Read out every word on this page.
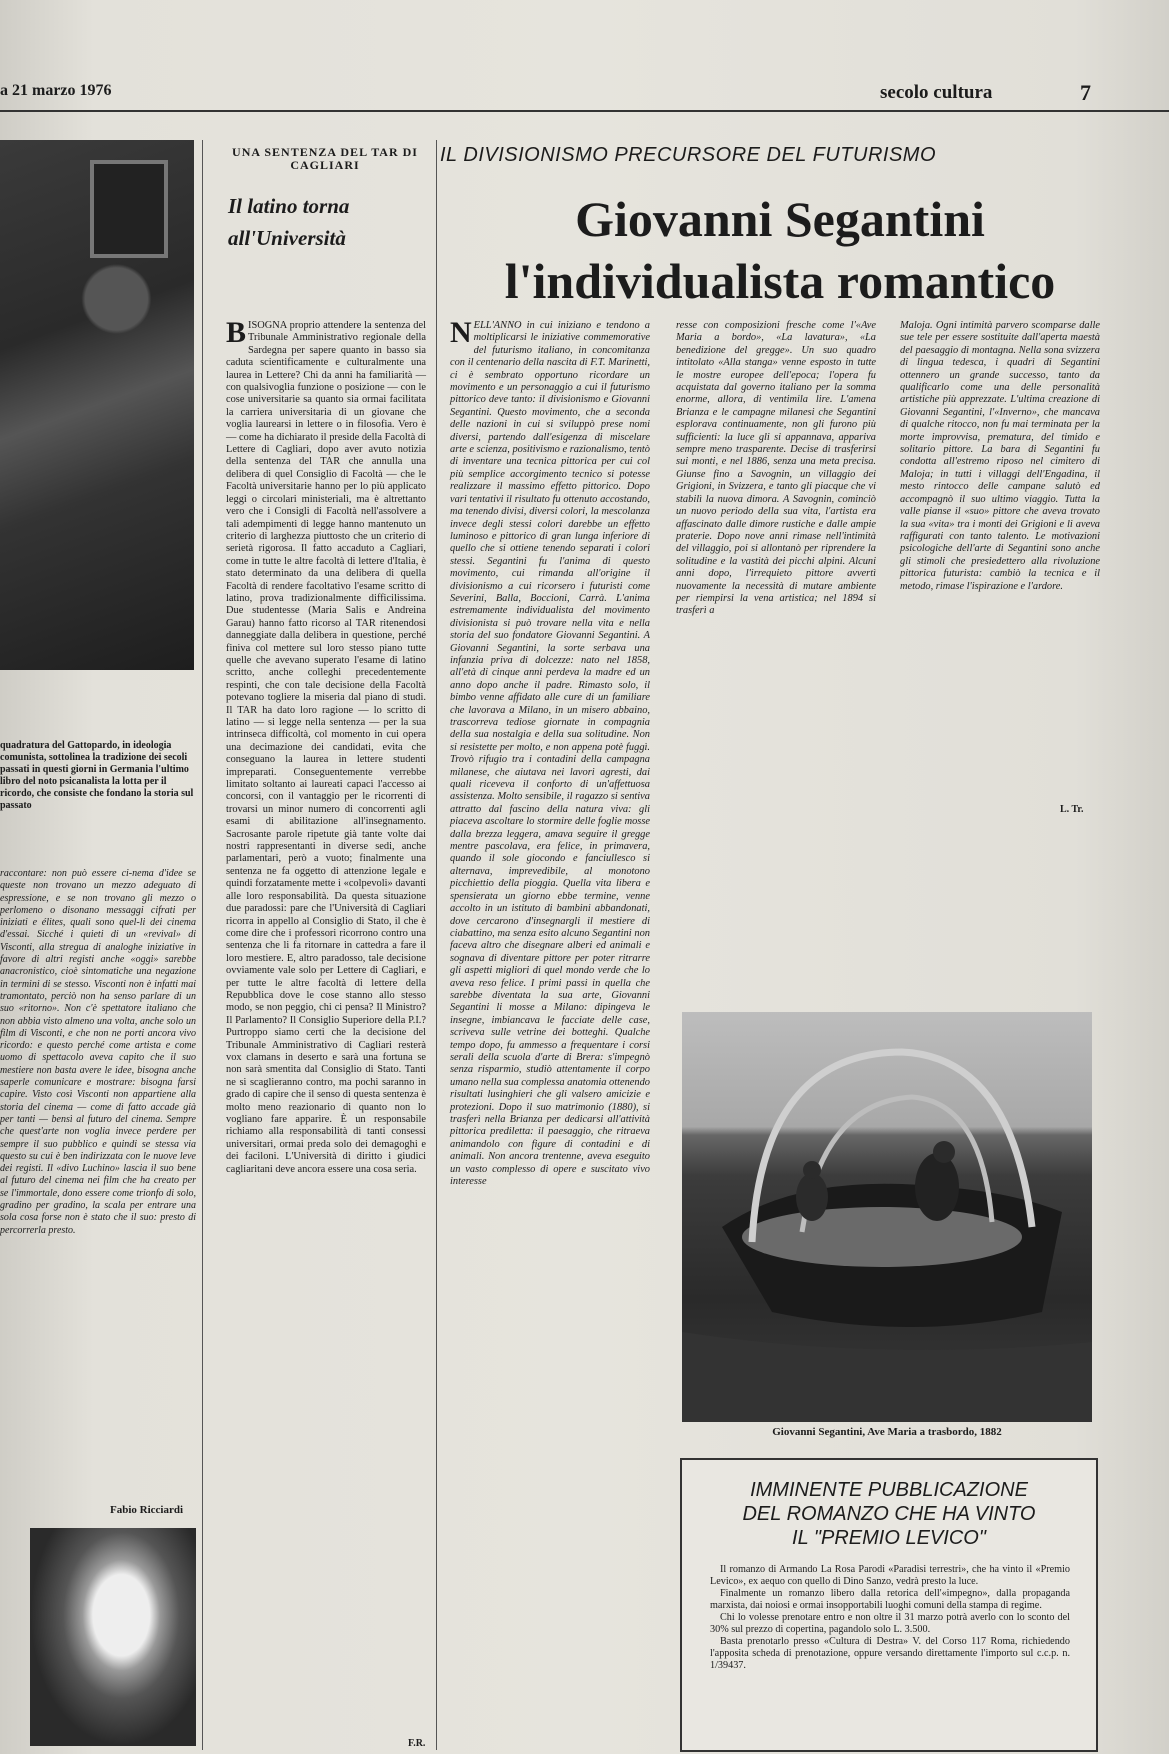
a 21 marzo 1976	secolo cultura	7
quadratura del Gattopardo, in ideologia comunista, sottolinea la tradizione dei secoli passati in questi giorni in Germania l'ultimo libro del noto psicanalista la lotta per il ricordo, che consiste che fondano la storia sul passato
raccontare: non può essere ci-nema d'idee se queste non trovano un mezzo adeguato di espressione, e se non trovano gli mezzo o perlomeno o disonano messaggi cifrati per iniziati e élites, quali sono quel-li dei cinema d'essai. Sicché i quieti di un «revival» di Visconti, alla stregua di analoghe iniziative in favore di altri registi anche «oggi» sarebbe anacronistico, cioè sintomatiche una negazione in termini di se stesso. Visconti non è infatti mai tramontato, perciò non ha senso parlare di un suo «ritorno». Non c'è spettatore italiano che non abbia visto almeno una volta, anche solo un film di Visconti, e che non ne porti ancora vivo ricordo: e questo perché come artista e come uomo di spettacolo aveva capito che il suo mestiere non basta avere le idee, bisogna anche saperle comunicare e mostrare: bisogna farsi capire. Visto così Visconti non appartiene alla storia del cinema — come di fatto accade già per tanti — bensì al futuro del cinema. Sempre che quest'arte non voglia invece perdere per sempre il suo pubblico e quindi se stessa via questo su cui è ben indirizzata con le nuove leve dei registi. Il «divo Luchino» lascia il suo bene al futuro del cinema nei film che ha creato per se l'immortale, dono essere come trionfo di solo, gradino per gradino, la scala per entrare una sola cosa forse non è stato che il suo: presto di percorrerla presto.
Fabio Ricciardi
UNA SENTENZA DEL TAR DI CAGLIARI
Il latino torna all'Università
BISOGNA proprio attendere la sentenza del Tribunale Amministrativo regionale della Sardegna per sapere quanto in basso sia caduta scientificamente e culturalmente una laurea in Lettere? Chi da anni ha familiarità — con qualsivoglia funzione o posizione — con le cose universitarie sa quanto sia ormai facilitata la carriera universitaria di un giovane che voglia laurearsi in lettere o in filosofia. Vero è — come ha dichiarato il preside della Facoltà di Lettere di Cagliari, dopo aver avuto notizia della sentenza del TAR che annulla una delibera di quel Consiglio di Facoltà — che le Facoltà universitarie hanno per lo più applicato leggi o circolari ministeriali, ma è altrettanto vero che i Consigli di Facoltà nell'assolvere a tali adempimenti di legge hanno mantenuto un criterio di larghezza piuttosto che un criterio di serietà rigorosa. Il fatto accaduto a Cagliari, come in tutte le altre facoltà di lettere d'Italia, è stato determinato da una delibera di quella Facoltà di rendere facoltativo l'esame scritto di latino, prova tradizionalmente difficilissima. Due studentesse (Maria Salis e Andreina Garau) hanno fatto ricorso al TAR ritenendosi danneggiate dalla delibera in questione, perché finiva col mettere sul loro stesso piano tutte quelle che avevano superato l'esame di latino scritto, anche colleghi precedentemente respinti, che con tale decisione della Facoltà potevano togliere la miseria dal piano di studi. Il TAR ha dato loro ragione — lo scritto di latino — si legge nella sentenza — per la sua intrinseca difficoltà, col momento in cui opera una decimazione dei candidati, evita che conseguano la laurea in lettere studenti impreparati. Conseguentemente verrebbe limitato soltanto ai laureati capaci l'accesso ai concorsi, con il vantaggio per le ricorrenti di trovarsi un minor numero di concorrenti agli esami di abilitazione all'insegnamento. Sacrosante parole ripetute già tante volte dai nostri rappresentanti in diverse sedi, anche parlamentari, però a vuoto; finalmente una sentenza ne fa oggetto di attenzione legale e quindi forzatamente mette i «colpevoli» davanti alle loro responsabilità. Da questa situazione due paradossi: pare che l'Università di Cagliari ricorra in appello al Consiglio di Stato, il che è come dire che i professori ricorrono contro una sentenza che li fa ritornare in cattedra a fare il loro mestiere. E, altro paradosso, tale decisione ovviamente vale solo per Lettere di Cagliari, e per tutte le altre facoltà di lettere della Repubblica dove le cose stanno allo stesso modo, se non peggio, chi ci pensa? Il Ministro? Il Parlamento? Il Consiglio Superiore della P.I.? Purtroppo siamo certi che la decisione del Tribunale Amministrativo di Cagliari resterà vox clamans in deserto e sarà una fortuna se non sarà smentita dal Consiglio di Stato. Tanti ne si scaglieranno contro, ma pochi saranno in grado di capire che il senso di questa sentenza è molto meno reazionario di quanto non lo vogliano fare apparire. È un responsabile richiamo alla responsabilità di tanti consessi universitari, ormai preda solo dei demagoghi e dei faciloni. L'Università di diritto i giudici cagliaritani deve ancora essere una cosa seria.
F.R.
IL DIVISIONISMO PRECURSORE DEL FUTURISMO
Giovanni Segantini
l'individualista romantico
NELL'ANNO in cui iniziano e tendono a moltiplicarsi le iniziative commemorative del futurismo italiano, in concomitanza con il centenario della nascita di F.T. Marinetti, ci è sembrato opportuno ricordare un movimento e un personaggio a cui il futurismo pittorico deve tanto: il divisionismo e Giovanni Segantini. Questo movimento, che a seconda delle nazioni in cui si sviluppò prese nomi diversi, partendo dall'esigenza di miscelare arte e scienza, positivismo e razionalismo, tentò di inventare una tecnica pittorica per cui col più semplice accorgimento tecnico si potesse realizzare il massimo effetto pittorico. Dopo vari tentativi il risultato fu ottenuto accostando, ma tenendo divisi, diversi colori, la mescolanza invece degli stessi colori darebbe un effetto luminoso e pittorico di gran lunga inferiore di quello che si ottiene tenendo separati i colori stessi. Segantini fu l'anima di questo movimento, cui rimanda all'origine il divisionismo a cui ricorsero i futuristi come Severini, Balla, Boccioni, Carrà. L'anima estremamente individualista del movimento divisionista si può trovare nella vita e nella storia del suo fondatore Giovanni Segantini. A Giovanni Segantini, la sorte serbava una infanzia priva di dolcezze: nato nel 1858, all'età di cinque anni perdeva la madre ed un anno dopo anche il padre. Rimasto solo, il bimbo venne affidato alle cure di un familiare che lavorava a Milano, in un misero abbaino, trascorreva tediose giornate in compagnia della sua nostalgia e della sua solitudine. Non si resistette per molto, e non appena potè fuggì. Trovò rifugio tra i contadini della campagna milanese, che aiutava nei lavori agresti, dai quali riceveva il conforto di un'affettuosa assistenza. Molto sensibile, il ragazzo si sentiva attratto dal fascino della natura viva: gli piaceva ascoltare lo stormire delle foglie mosse dalla brezza leggera, amava seguire il gregge mentre pascolava, era felice, in primavera, quando il sole giocondo e fanciullesco si alternava, imprevedibile, al monotono picchiettio della pioggia. Quella vita libera e spensierata un giorno ebbe termine, venne accolto in un istituto di bambini abbandonati, dove cercarono d'insegnargli il mestiere di ciabattino, ma senza esito alcuno Segantini non faceva altro che disegnare alberi ed animali e sognava di diventare pittore per poter ritrarre gli aspetti migliori di quel mondo verde che lo aveva reso felice. I primi passi in quella che sarebbe diventata la sua arte, Giovanni Segantini li mosse a Milano: dipingeva le insegne, imbiancava le facciate delle case, scriveva sulle vetrine dei botteghi. Qualche tempo dopo, fu ammesso a frequentare i corsi serali della scuola d'arte di Brera: s'impegnò senza risparmio, studiò attentamente il corpo umano nella sua complessa anatomia ottenendo risultati lusinghieri che gli valsero amicizie e protezioni. Dopo il suo matrimonio (1880), si trasferì nella Brianza per dedicarsi all'attività pittorica prediletta: il paesaggio, che ritraeva animandolo con figure di contadini e di animali. Non ancora trentenne, aveva eseguito un vasto complesso di opere e suscitato vivo interesse
resse con composizioni fresche come l'«Ave Maria a bordo», «La lavatura», «La benedizione del gregge». Un suo quadro intitolato «Alla stanga» venne esposto in tutte le mostre europee dell'epoca; l'opera fu acquistata dal governo italiano per la somma enorme, allora, di ventimila lire. L'amena Brianza e le campagne milanesi che Segantini esplorava continuamente, non gli furono più sufficienti: la luce gli si appannava, appariva sempre meno trasparente. Decise di trasferirsi sui monti, e nel 1886, senza una meta precisa. Giunse fino a Savognin, un villaggio dei Grigioni, in Svizzera, e tanto gli piacque che vi stabilì la nuova dimora. A Savognin, cominciò un nuovo periodo della sua vita, l'artista era affascinato dalle dimore rustiche e dalle ampie praterie. Dopo nove anni rimase nell'intimità del villaggio, poi si allontanò per riprendere la solitudine e la vastità dei picchi alpini. Alcuni anni dopo, l'irrequieto pittore avvertì nuovamente la necessità di mutare ambiente per riempirsi la vena artistica; nel 1894 si trasferì a
Maloja. Ogni intimità parvero scomparse dalle sue tele per essere sostituite dall'aperta maestà del paesaggio di montagna. Nella sona svizzera di lingua tedesca, i quadri di Segantini ottennero un grande successo, tanto da qualificarlo come una delle personalità artistiche più apprezzate. L'ultima creazione di Giovanni Segantini, l'«Inverno», che mancava di qualche ritocco, non fu mai terminata per la morte improvvisa, prematura, del timido e solitario pittore. La bara di Segantini fu condotta all'estremo riposo nel cimitero di Maloja; in tutti i villaggi dell'Engadina, il mesto rintocco delle campane salutò ed accompagnò il suo ultimo viaggio. Tutta la valle pianse il «suo» pittore che aveva trovato la sua «vita» tra i monti dei Grigioni e li aveva raffigurati con tanto talento. Le motivazioni psicologiche dell'arte di Segantini sono anche gli stimoli che presiedettero alla rivoluzione pittorica futurista: cambiò la tecnica e il metodo, rimase l'ispirazione e l'ardore.
L. Tr.
Giovanni Segantini, Ave Maria a trasbordo, 1882
IMMINENTE PUBBLICAZIONE
DEL ROMANZO CHE HA VINTO
IL "PREMIO LEVICO"
Il romanzo di Armando La Rosa Parodi «Paradisi terrestri», che ha vinto il «Premio Levico», ex aequo con quello di Dino Sanzo, vedrà presto la luce.
Finalmente un romanzo libero dalla retorica dell'«impegno», dalla propaganda marxista, dai noiosi e ormai insopportabili luoghi comuni della stampa di regime.
Chi lo volesse prenotare entro e non oltre il 31 marzo potrà averlo con lo sconto del 30% sul prezzo di copertina, pagandolo solo L. 3.500.
Basta prenotarlo presso «Cultura di Destra» V. del Corso 117 Roma, richiedendo l'apposita scheda di prenotazione, oppure versando direttamente l'importo sul c.c.p. n. 1/39437.
